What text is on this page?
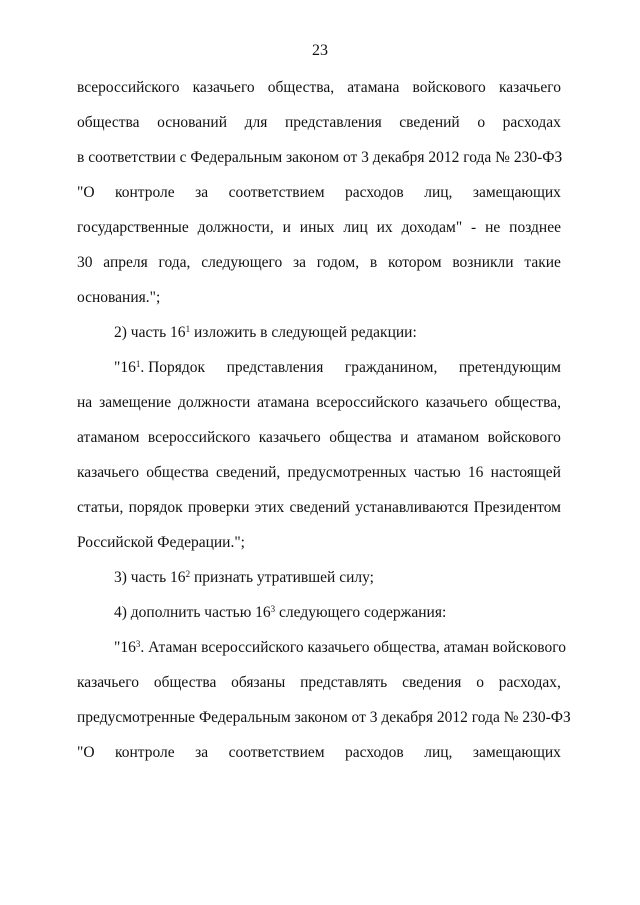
23
всероссийского казачьего общества, атамана войскового казачьего
общества оснований для представления сведений о расходах
в соответствии с Федеральным законом от 3 декабря 2012 года № 230-ФЗ
"О контроле за соответствием расходов лиц, замещающих
государственные должности, и иных лиц их доходам" - не позднее
30 апреля года, следующего за годом, в котором возникли такие
основания.";
2) часть $16^1$ изложить в следующей редакции:
"$16^1$. Порядок представления гражданином, претендующим
на замещение должности атамана всероссийского казачьего общества,
атаманом всероссийского казачьего общества и атаманом войскового
казачьего общества сведений, предусмотренных частью 16 настоящей
статьи, порядок проверки этих сведений устанавливаются Президентом
Российской Федерации.";
3) часть $16^2$ признать утратившей силу;
4) дополнить частью $16^3$ следующего содержания:
"$16^3$. Атаман всероссийского казачьего общества, атаман войскового
казачьего общества обязаны представлять сведения о расходах,
предусмотренные Федеральным законом от 3 декабря 2012 года № 230-ФЗ
"О контроле за соответствием расходов лиц, замещающих
